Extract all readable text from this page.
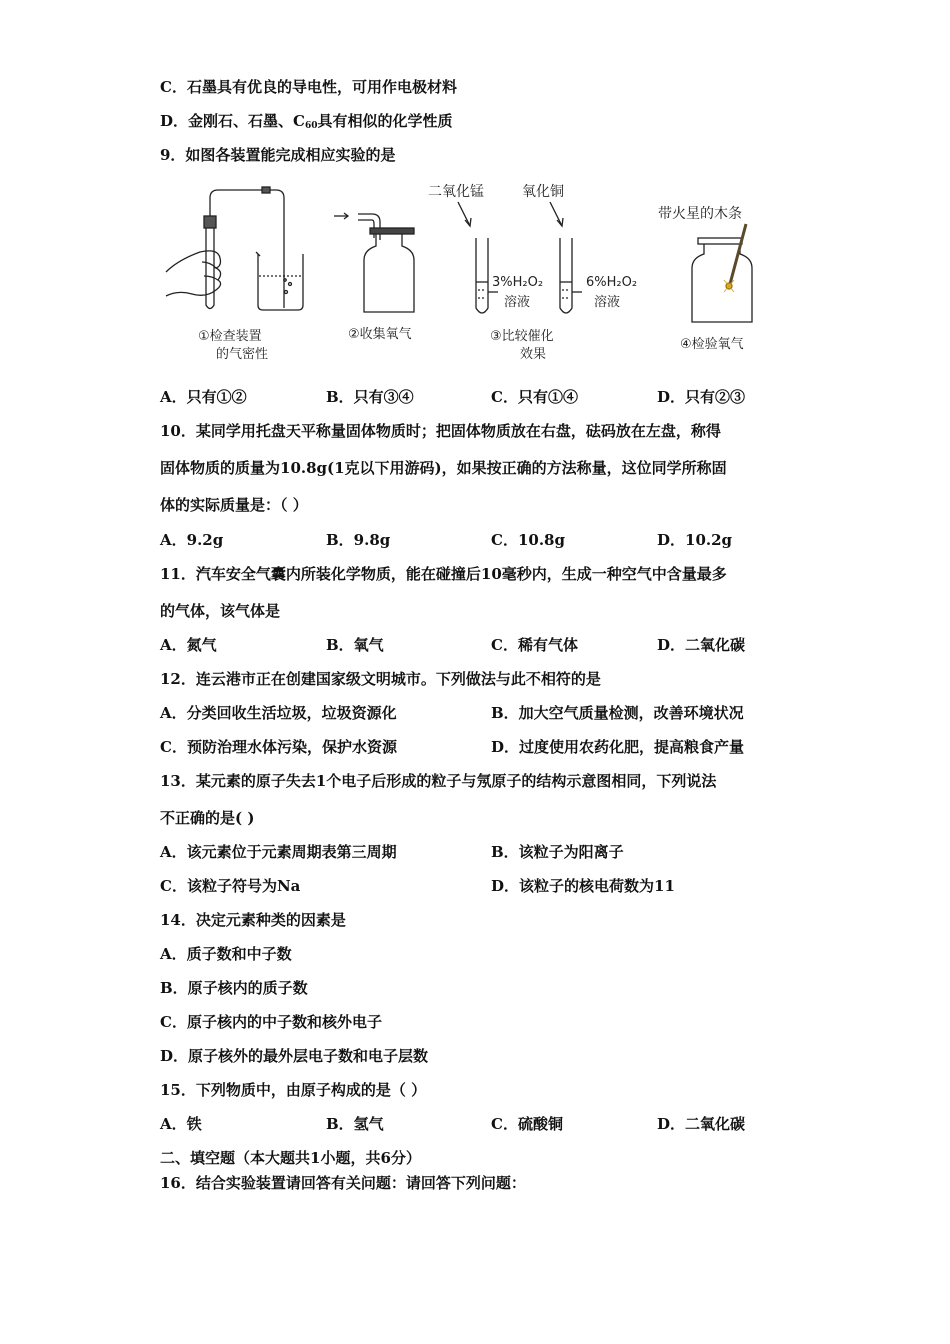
C．石墨具有优良的导电性，可用作电极材料
D．金刚石、石墨、$C_{60}$具有相似的化学性质
9．如图各装置能完成相应实验的是
①检查装置
的气密性
②收集氧气
二氧化锰	氧化铜
3%H₂O₂
溶液
6%H₂O₂
溶液
③比较催化
效果
带火星的木条
④检验氧气
A．只有①②	B．只有③④	C．只有①④	D．只有②③
10．某同学用托盘天平称量固体物质时；把固体物质放在右盘，砝码放在左盘，称得
固体物质的质量为10.8g(1克以下用游码)，如果按正确的方法称量，这位同学所称固
体的实际质量是：（ ）
A．9.2g	B．9.8g	C．10.8g	D．10.2g
11．汽车安全气囊内所装化学物质，能在碰撞后10毫秒内，生成一种空气中含量最多
的气体，该气体是
A．氮气	B．氧气	C．稀有气体	D．二氧化碳
12．连云港市正在创建国家级文明城市。下列做法与此不相符的是
A．分类回收生活垃圾，垃圾资源化	B．加大空气质量检测，改善环境状况
C．预防治理水体污染，保护水资源	D．过度使用农药化肥，提高粮食产量
13．某元素的原子失去1个电子后形成的粒子与氖原子的结构示意图相同，下列说法
不正确的是( )
A．该元素位于元素周期表第三周期	B．该粒子为阳离子
C．该粒子符号为Na	D．该粒子的核电荷数为11
14．决定元素种类的因素是
A．质子数和中子数
B．原子核内的质子数
C．原子核内的中子数和核外电子
D．原子核外的最外层电子数和电子层数
15．下列物质中，由原子构成的是（ ）
A．铁	B．氢气	C．硫酸铜	D．二氧化碳
二、填空题（本大题共1小题，共6分）
16．结合实验装置请回答有关问题：请回答下列问题：
